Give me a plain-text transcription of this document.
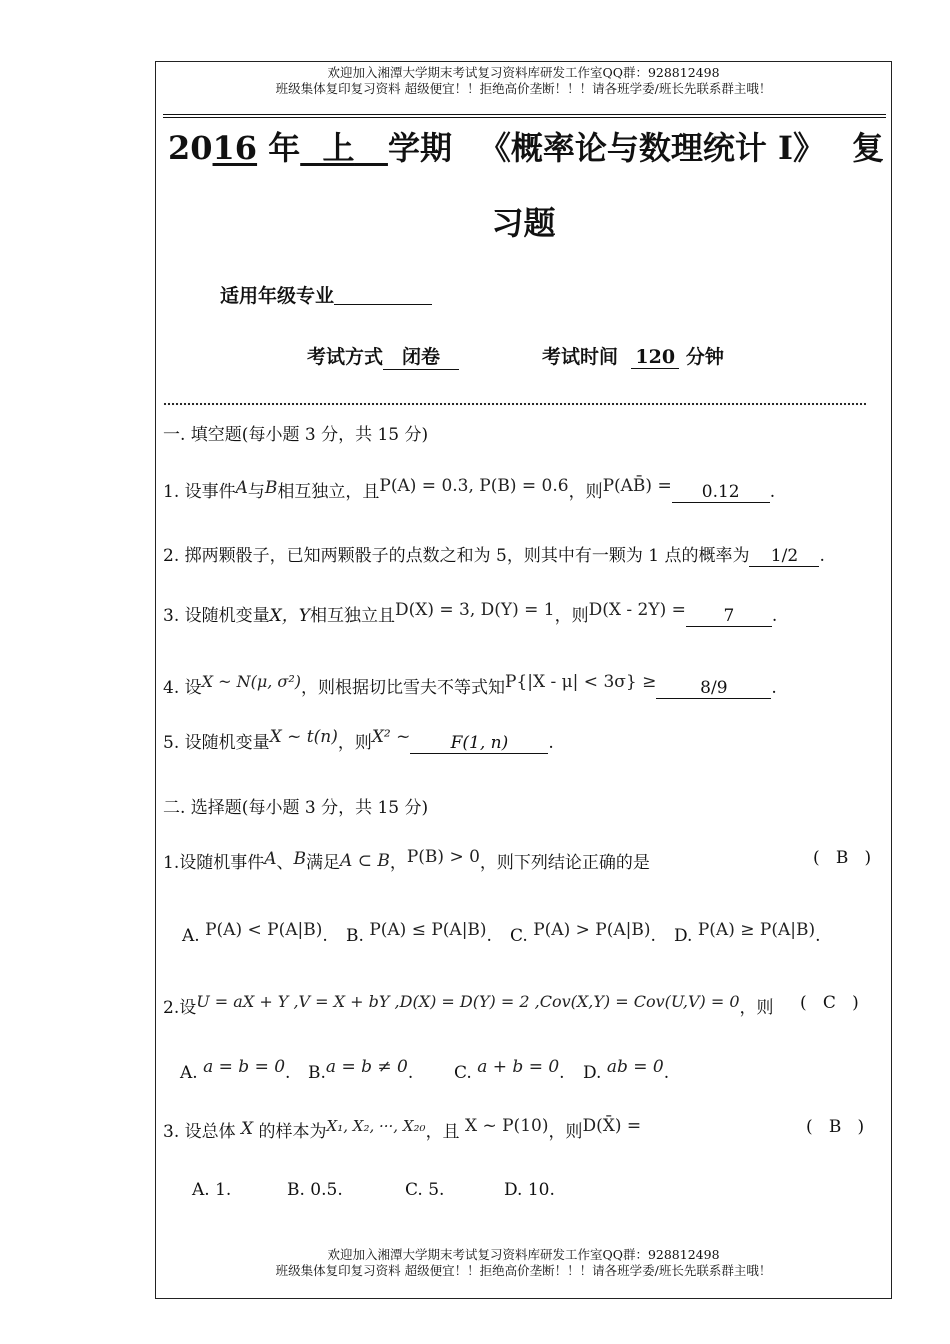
欢迎加入湘潭大学期末考试复习资料库研发工作室QQ群：928812498
班级集体复印复习资料 超级便宜！！拒绝高价垄断！！！请各班学委/班长先联系群主哦！
2016 年 上 学期 《概率论与数理统计 I》 复
习题
适用年级专业
考试方式 闭卷	考试时间 120 分钟
一. 填空题(每小题 3 分，共 15 分)
1. 设事件A与B相互独立，且P(A) = 0.3, P(B) = 0.6，则P(AB̄) = 0.12 .
2. 掷两颗骰子，已知两颗骰子的点数之和为 5，则其中有一颗为 1 点的概率为 1/2 .
3. 设随机变量X，Y相互独立且D(X) = 3, D(Y) = 1，则D(X - 2Y) = 7 .
4. 设X ~ N(μ, σ²)，则根据切比雪夫不等式知P{|X - μ| < 3σ} ≥	8/9	.
5. 设随机变量X ~ t(n)，则X² ~ F(1, n) .
二. 选择题(每小题 3 分，共 15 分)
1.设随机事件A、B满足A ⊂ B，P(B) > 0，则下列结论正确的是	(   B   )
A. P(A) < P(A|B). B. P(A) ≤ P(A|B). C. P(A) > P(A|B). D. P(A) ≥ P(A|B).
2.设U = aX + Y ,V = X + bY ,D(X) = D(Y) = 2 ,Cov(X,Y) = Cov(U,V) = 0，则 (   C   )
A. a = b = 0. B.a = b ≠ 0. C. a + b = 0. D. ab = 0.
3. 设总体 X 的样本为X₁, X₂, ···, X₂₀，且 X ~ P(10)，则D(X̄) =	(   B   )
A. 1.	B. 0.5.	C. 5.	D. 10.
欢迎加入湘潭大学期末考试复习资料库研发工作室QQ群：928812498
班级集体复印复习资料 超级便宜！！拒绝高价垄断！！！请各班学委/班长先联系群主哦！
